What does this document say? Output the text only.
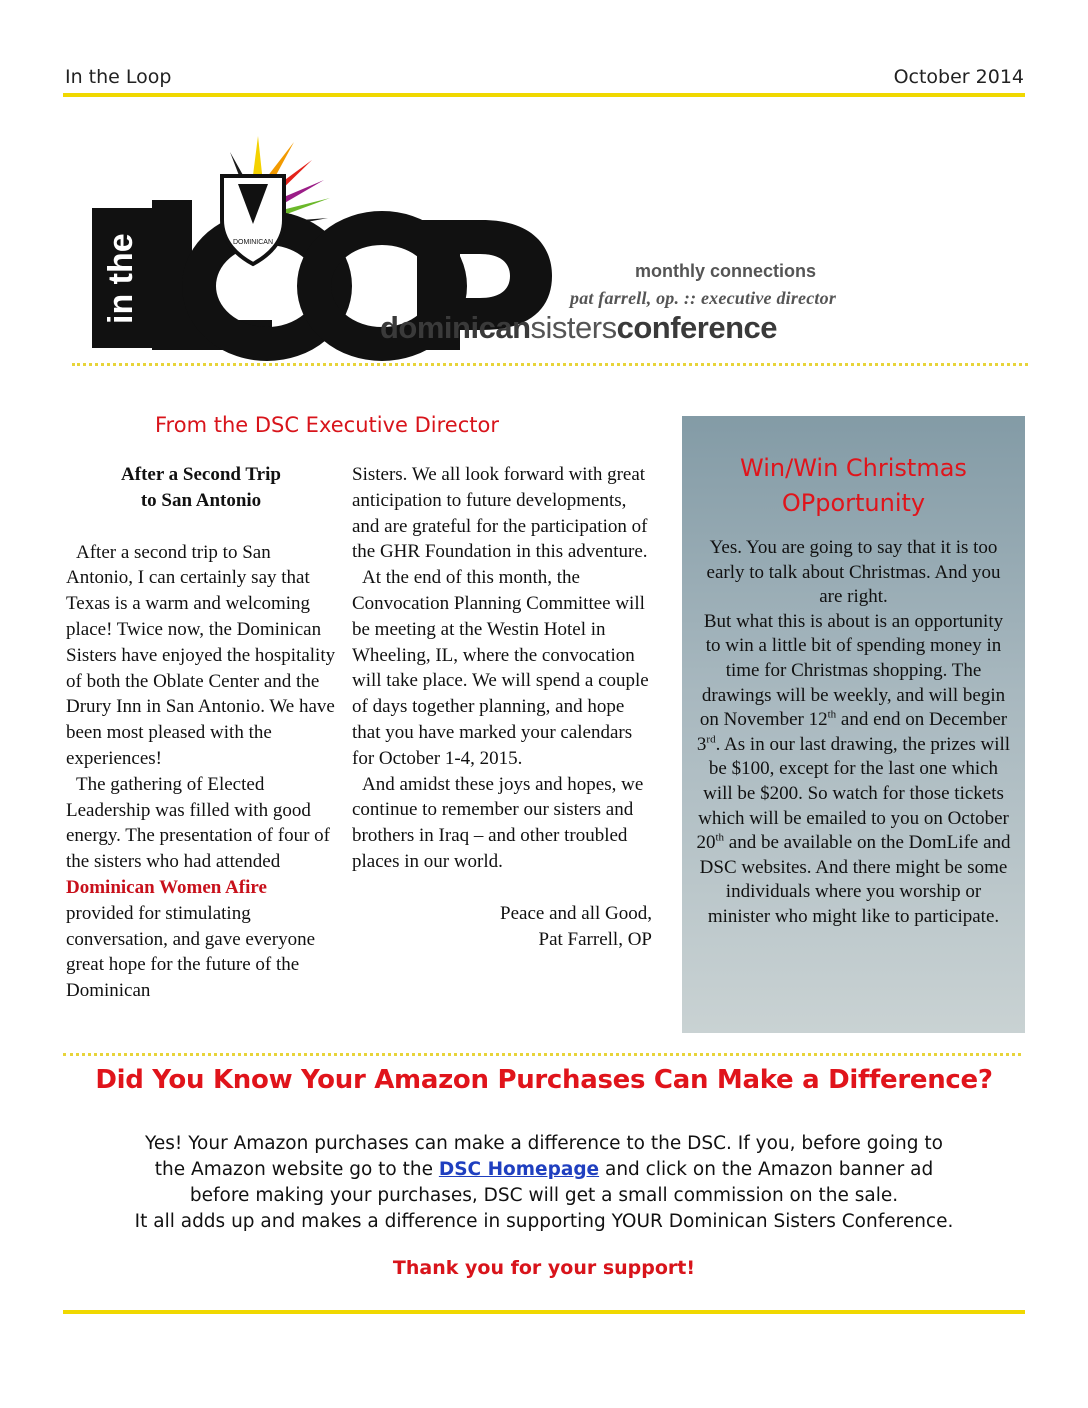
In the Loop	October 2014
in the	DOMINICAN
monthly connections
pat farrell, op. :: executive director
dominicansistersconference
From the DSC Executive Director

After a Second Trip
to San Antonio

After a second trip to San Antonio, I can certainly say that Texas is a warm and welcoming place! Twice now, the Dominican Sisters have enjoyed the hospitality of both the Oblate Center and the Drury Inn in San Antonio. We have been most pleased with the experiences!

The gathering of Elected Leadership was filled with good energy. The presentation of four of the sisters who had attended Dominican Women Afire provided for stimulating conversation, and gave everyone great hope for the future of the Dominican

Sisters. We all look forward with great anticipation to future developments, and are grateful for the participation of the GHR Foundation in this adventure.

At the end of this month, the Convocation Planning Committee will be meeting at the Westin Hotel in Wheeling, IL, where the convocation will take place. We will spend a couple of days together planning, and hope that you have marked your calendars for October 1-4, 2015.

And amidst these joys and hopes, we continue to remember our sisters and brothers in Iraq – and other troubled places in our world.

Peace and all Good,
Pat Farrell, OP

Win/Win Christmas
OPportunity

Yes. You are going to say that it is too early to talk about Christmas. And you are right.

But what this is about is an opportunity to win a little bit of spending money in time for Christmas shopping. The drawings will be weekly, and will begin on November 12th and end on December 3rd. As in our last drawing, the prizes will be $100, except for the last one which will be $200. So watch for those tickets which will be emailed to you on October 20th and be available on the DomLife and DSC websites. And there might be some individuals where you worship or minister who might like to participate.

Did You Know Your Amazon Purchases Can Make a Difference?

Yes! Your Amazon purchases can make a difference to the DSC. If you, before going to

the Amazon website go to the DSC Homepage and click on the Amazon banner ad

before making your purchases, DSC will get a small commission on the sale.

It all adds up and makes a difference in supporting YOUR Dominican Sisters Conference.

Thank you for your support!
